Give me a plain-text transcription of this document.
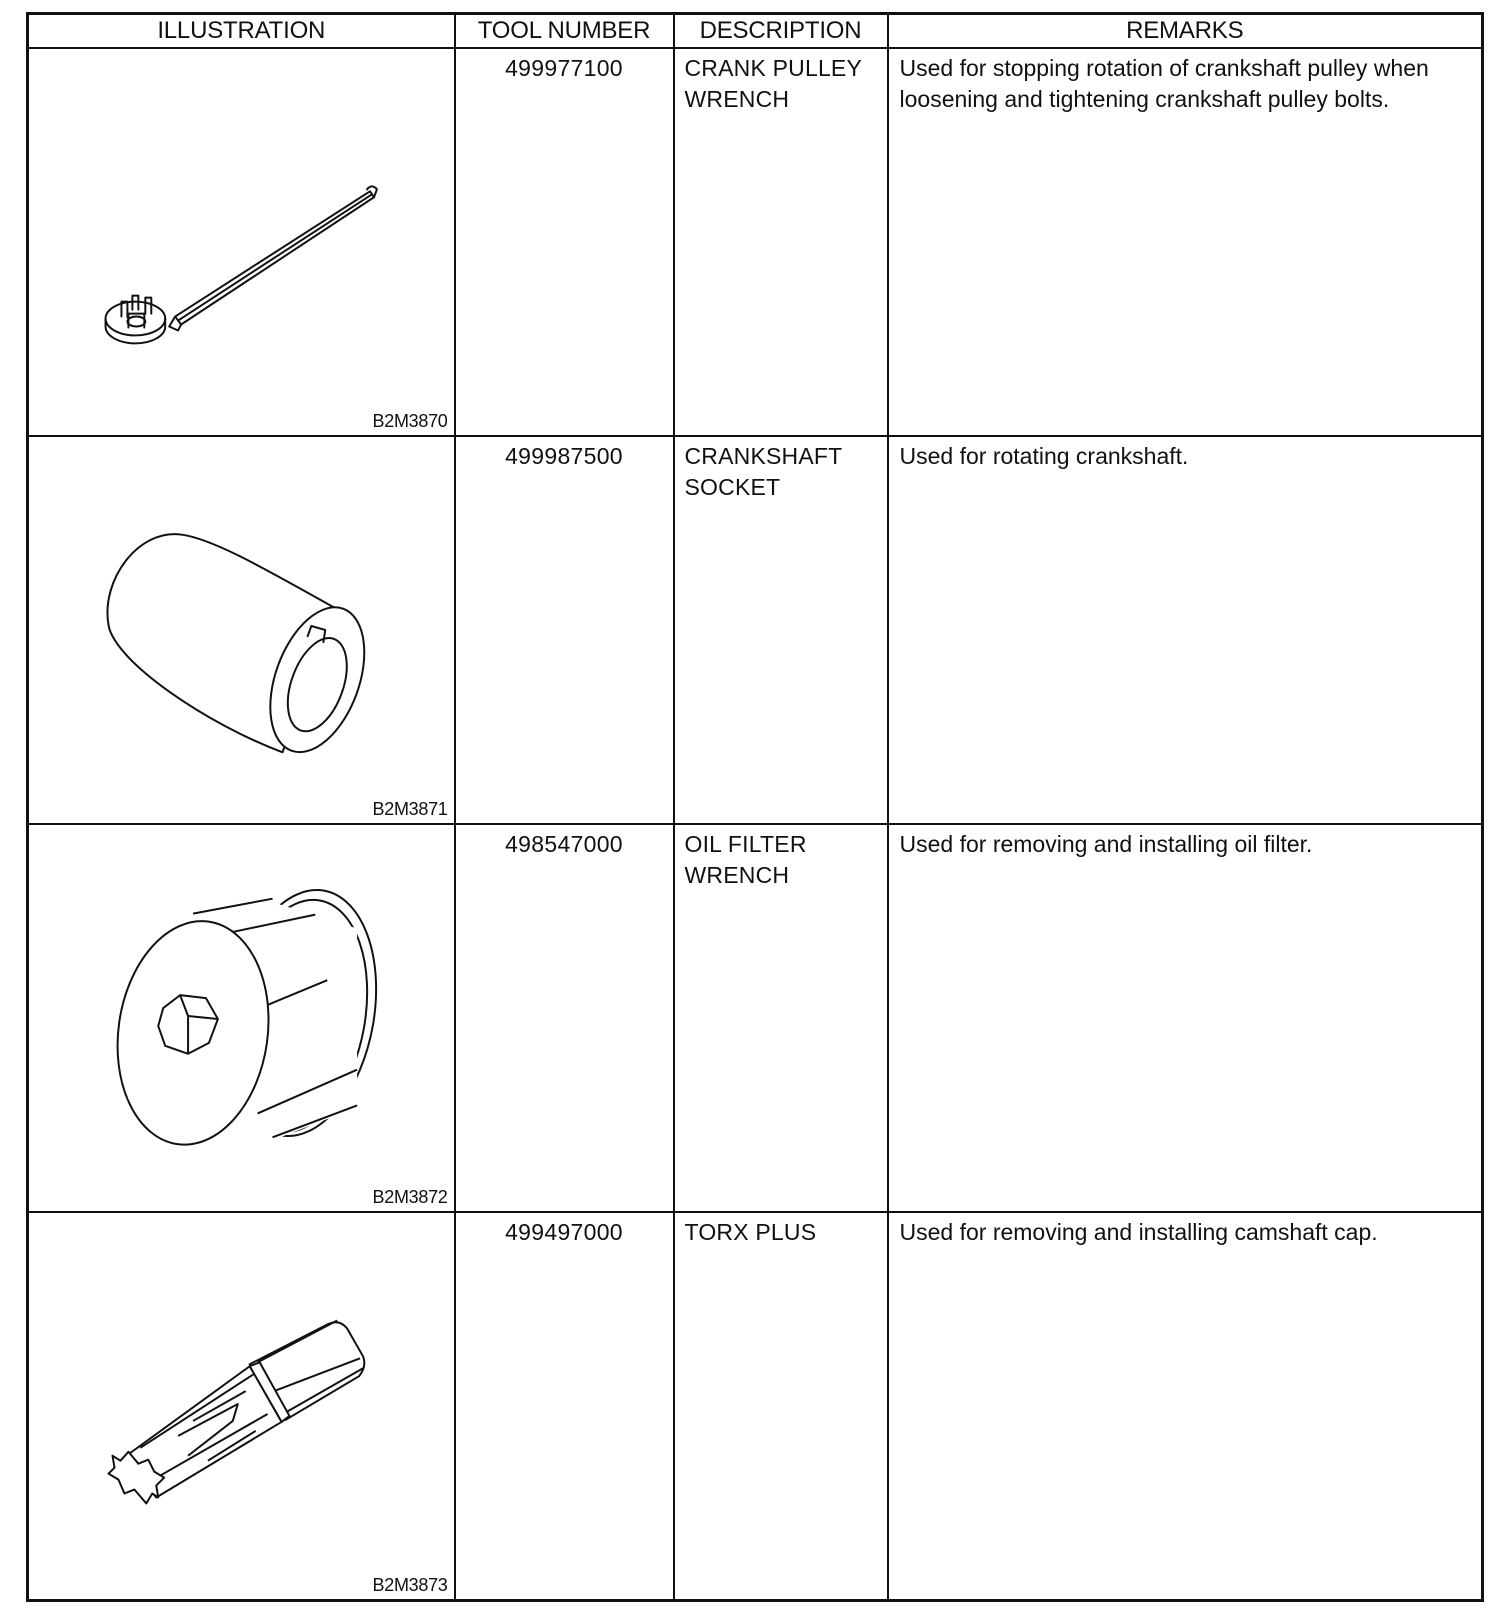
ILLUSTRATION	TOOL NUMBER	DESCRIPTION	REMARKS

B2M3870	499977100	CRANK PULLEY
WRENCH	Used for stopping rotation of crankshaft pulley when loosening and tightening crankshaft pulley bolts.

B2M3871	499987500	CRANKSHAFT
SOCKET	Used for rotating crankshaft.

B2M3872	498547000	OIL FILTER
WRENCH	Used for removing and installing oil filter.

B2M3873	499497000	TORX PLUS	Used for removing and installing camshaft cap.
